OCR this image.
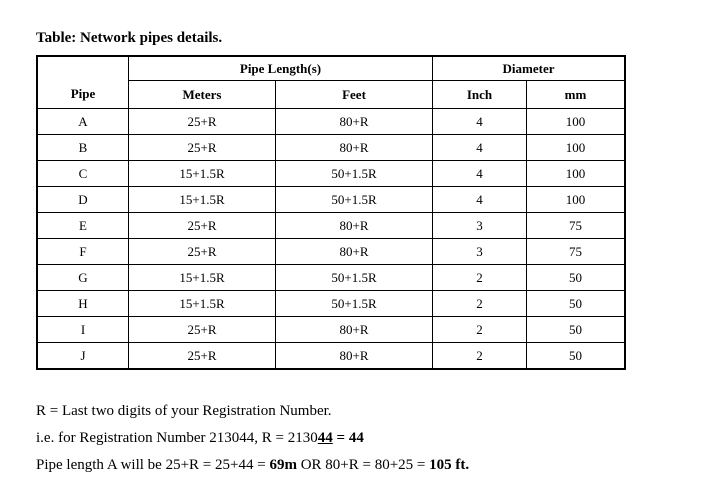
Table: Network pipes details.
	Pipe Length(s)		Diameter	
Pipe	Meters	Feet	Inch	mm
A	25+R	80+R	4	100
B	25+R	80+R	4	100
C	15+1.5R	50+1.5R	4	100
D	15+1.5R	50+1.5R	4	100
E	25+R	80+R	3	75
F	25+R	80+R	3	75
G	15+1.5R	50+1.5R	2	50
H	15+1.5R	50+1.5R	2	50
I	25+R	80+R	2	50
J	25+R	80+R	2	50
R = Last two digits of your Registration Number.
i.e. for Registration Number 213044, R = 213044 = 44
Pipe length A will be 25+R = 25+44 = 69m OR 80+R = 80+25 = 105 ft.
